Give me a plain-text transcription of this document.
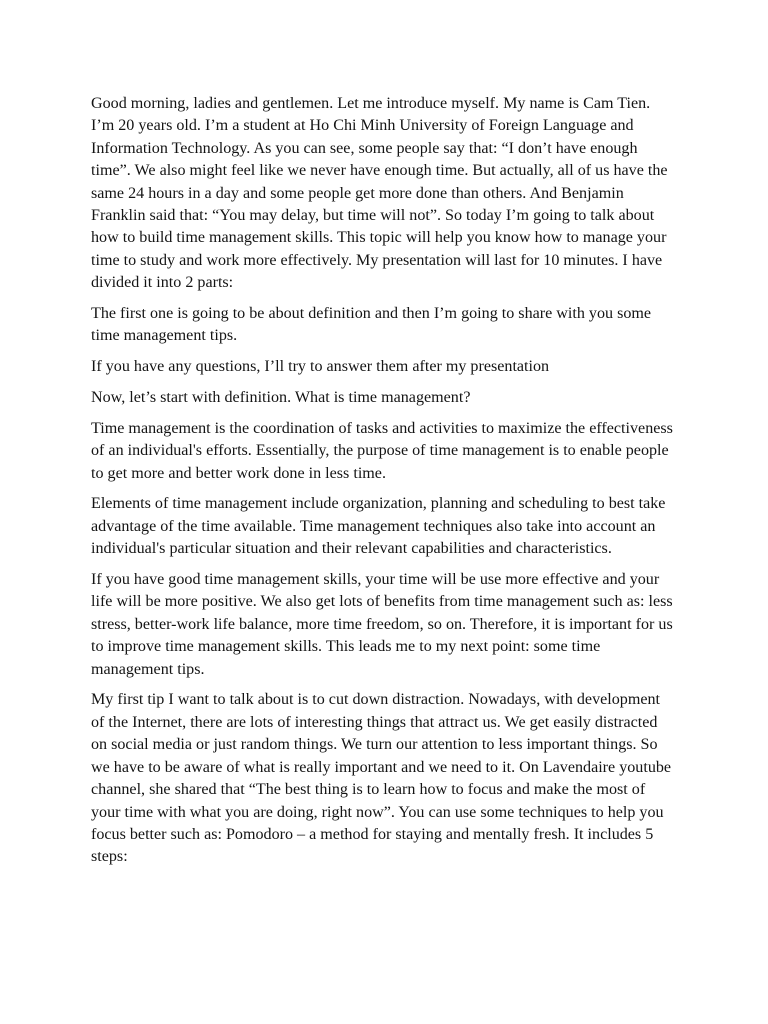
Good morning, ladies and gentlemen. Let me introduce myself. My name is Cam Tien. I’m 20 years old. I’m a student at Ho Chi Minh University of Foreign Language and Information Technology. As you can see, some people say that: “I don’t have enough time”. We also might feel like we never have enough time. But actually, all of us have the same 24 hours in a day and some people get more done than others. And Benjamin Franklin said that: “You may delay, but time will not”. So today I’m going to talk about how to build time management skills. This topic will help you know how to manage your time to study and work more effectively. My presentation will last for 10 minutes. I have divided it into 2 parts:

The first one is going to be about definition and then I’m going to share with you some time management tips.

If you have any questions, I’ll try to answer them after my presentation

Now, let’s start with definition. What is time management?

Time management is the coordination of tasks and activities to maximize the effectiveness of an individual's efforts. Essentially, the purpose of time management is to enable people to get more and better work done in less time.

Elements of time management include organization, planning and scheduling to best take advantage of the time available. Time management techniques also take into account an individual's particular situation and their relevant capabilities and characteristics.

If you have good time management skills, your time will be use more effective and your life will be more positive. We also get lots of benefits from time management such as: less stress, better-work life balance, more time freedom, so on. Therefore, it is important for us to improve time management skills. This leads me to my next point: some time management tips.

My first tip I want to talk about is to cut down distraction. Nowadays, with development of the Internet, there are lots of interesting things that attract us. We get easily distracted on social media or just random things. We turn our attention to less important things. So we have to be aware of what is really important and we need to it. On Lavendaire youtube channel, she shared that “The best thing is to learn how to focus and make the most of your time with what you are doing, right now”. You can use some techniques to help you focus better such as: Pomodoro – a method for staying and mentally fresh. It includes 5 steps:
